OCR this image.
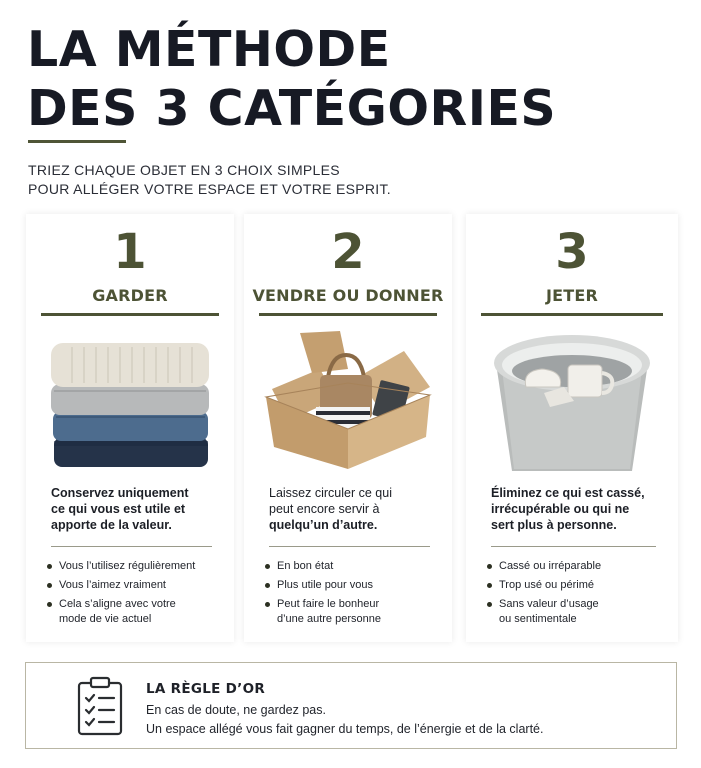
LA MÉTHODE
DES 3 CATÉGORIES
TRIEZ CHAQUE OBJET EN 3 CHOIX SIMPLES
POUR ALLÉGER VOTRE ESPACE ET VOTRE ESPRIT.
1
GARDER
Conservez uniquement
ce qui vous est utile et
apporte de la valeur.
Vous l’utilisez régulièrement
Vous l’aimez vraiment
Cela s’aligne avec votre
mode de vie actuel
2
VENDRE OU DONNER
Laissez circuler ce qui
peut encore servir à
quelqu’un d’autre.
En bon état
Plus utile pour vous
Peut faire le bonheur
d’une autre personne
3
JETER
Éliminez ce qui est cassé,
irrécupérable ou qui ne
sert plus à personne.
Cassé ou irréparable
Trop usé ou périmé
Sans valeur d’usage
ou sentimentale
LA RÈGLE D’OR
En cas de doute, ne gardez pas.
Un espace allégé vous fait gagner du temps, de l’énergie et de la clarté.
